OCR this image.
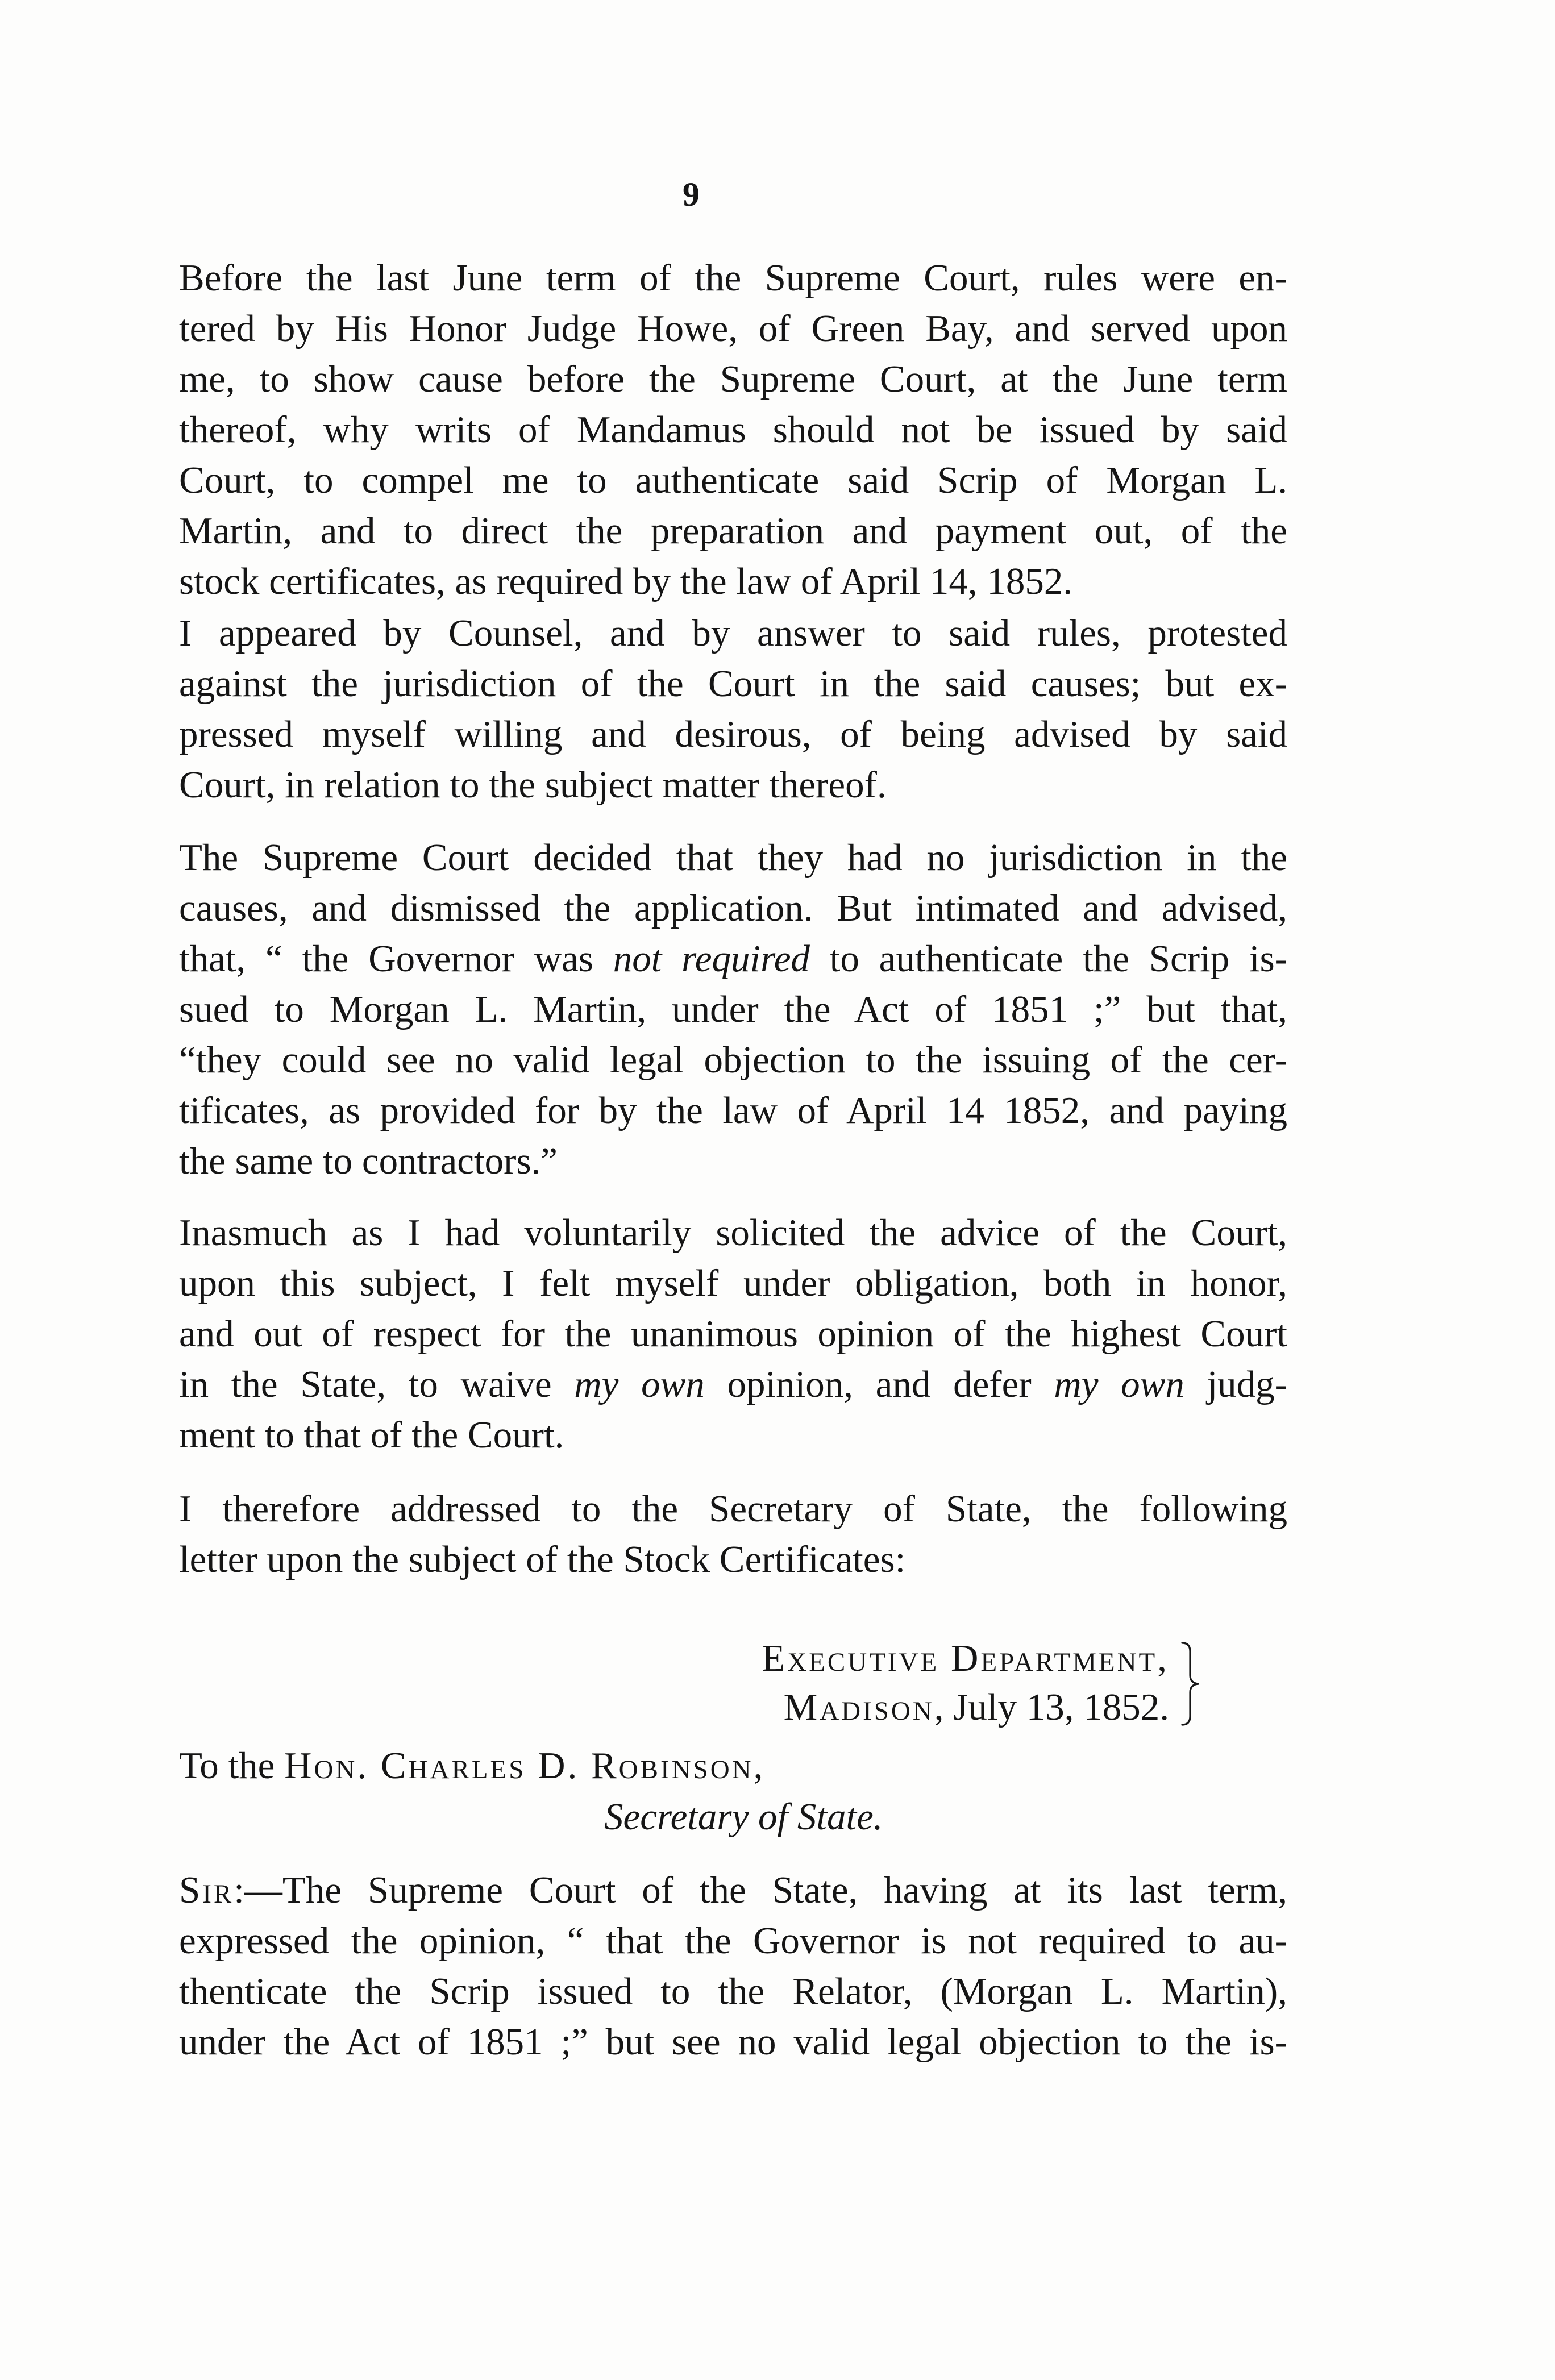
9
Before the last June term of the Supreme Court, rules were en-
tered by His Honor Judge Howe, of Green Bay, and served upon
me, to show cause before the Supreme Court, at the June term
thereof, why writs of Mandamus should not be issued by said
Court, to compel me to authenticate said Scrip of Morgan L.
Martin, and to direct the preparation and payment out, of the
stock certificates, as required by the law of April 14, 1852.
I appeared by Counsel, and by answer to said rules, protested
against the jurisdiction of the Court in the said causes; but ex-
pressed myself willing and desirous, of being advised by said
Court, in relation to the subject matter thereof.
The Supreme Court decided that they had no jurisdiction in the
causes, and dismissed the application. But intimated and advised,
that, “ the Governor was not required to authenticate the Scrip is-
sued to Morgan L. Martin, under the Act of 1851 ;” but that,
“they could see no valid legal objection to the issuing of the cer-
tificates, as provided for by the law of April 14 1852, and paying
the same to contractors.”
Inasmuch as I had voluntarily solicited the advice of the Court,
upon this subject, I felt myself under obligation, both in honor,
and out of respect for the unanimous opinion of the highest Court
in the State, to waive my own opinion, and defer my own judg-
ment to that of the Court.
I therefore addressed to the Secretary of State, the following
letter upon the subject of the Stock Certificates:
Executive Department,
Madison, July 13, 1852.
To the Hon. Charles D. Robinson,
Secretary of State.
Sir:—The Supreme Court of the State, having at its last term,
expressed the opinion, “ that the Governor is not required to au-
thenticate the Scrip issued to the Relator, (Morgan L. Martin),
under the Act of 1851 ;” but see no valid legal objection to the is-
